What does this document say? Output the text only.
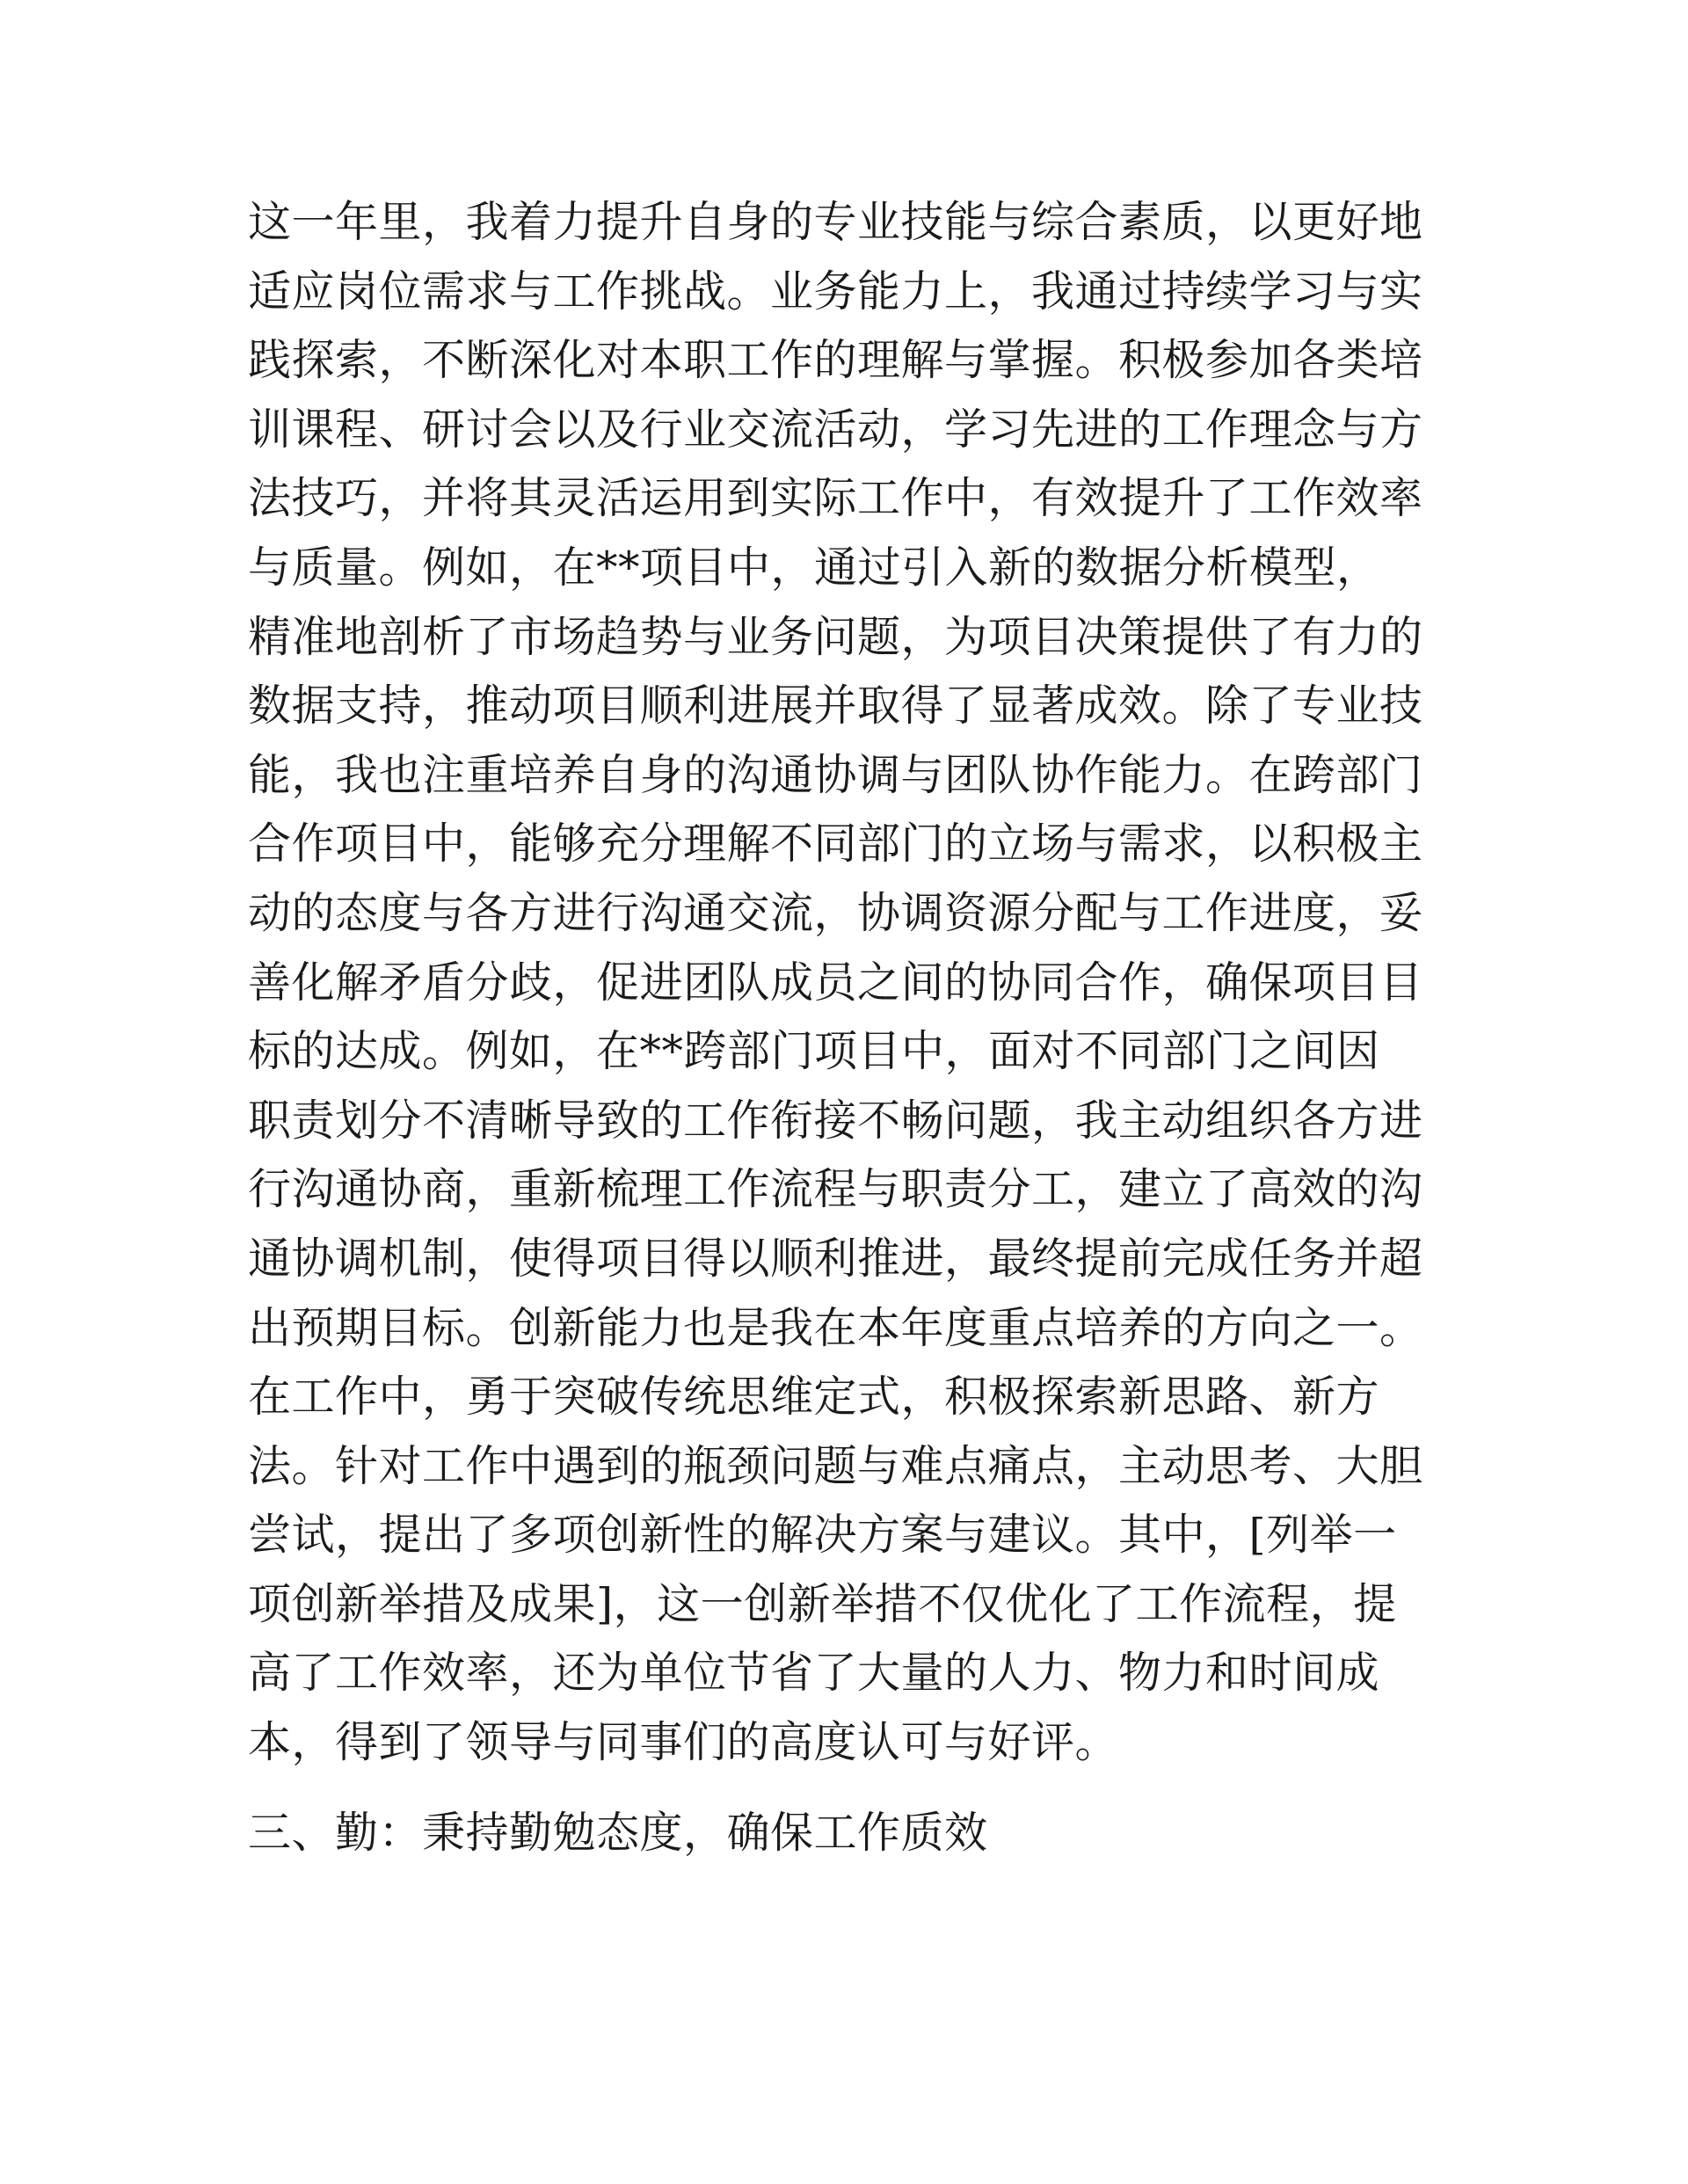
这一年里，我着力提升自身的专业技能与综合素质，以更好地
适应岗位需求与工作挑战。业务能力上，我通过持续学习与实
践探索，不断深化对本职工作的理解与掌握。积极参加各类培
训课程、研讨会以及行业交流活动，学习先进的工作理念与方
法技巧，并将其灵活运用到实际工作中，有效提升了工作效率
与质量。例如，在**项目中，通过引入新的数据分析模型，
精准地剖析了市场趋势与业务问题，为项目决策提供了有力的
数据支持，推动项目顺利进展并取得了显著成效。除了专业技
能，我也注重培养自身的沟通协调与团队协作能力。在跨部门
合作项目中，能够充分理解不同部门的立场与需求，以积极主
动的态度与各方进行沟通交流，协调资源分配与工作进度，妥
善化解矛盾分歧，促进团队成员之间的协同合作，确保项目目
标的达成。例如，在**跨部门项目中，面对不同部门之间因
职责划分不清晰导致的工作衔接不畅问题，我主动组织各方进
行沟通协商，重新梳理工作流程与职责分工，建立了高效的沟
通协调机制，使得项目得以顺利推进，最终提前完成任务并超
出预期目标。创新能力也是我在本年度重点培养的方向之一。
在工作中，勇于突破传统思维定式，积极探索新思路、新方
法。针对工作中遇到的瓶颈问题与难点痛点，主动思考、大胆
尝试，提出了多项创新性的解决方案与建议。其中，[列举一
项创新举措及成果]，这一创新举措不仅优化了工作流程，提
高了工作效率，还为单位节省了大量的人力、物力和时间成
本，得到了领导与同事们的高度认可与好评。
三、勤：秉持勤勉态度，确保工作质效
